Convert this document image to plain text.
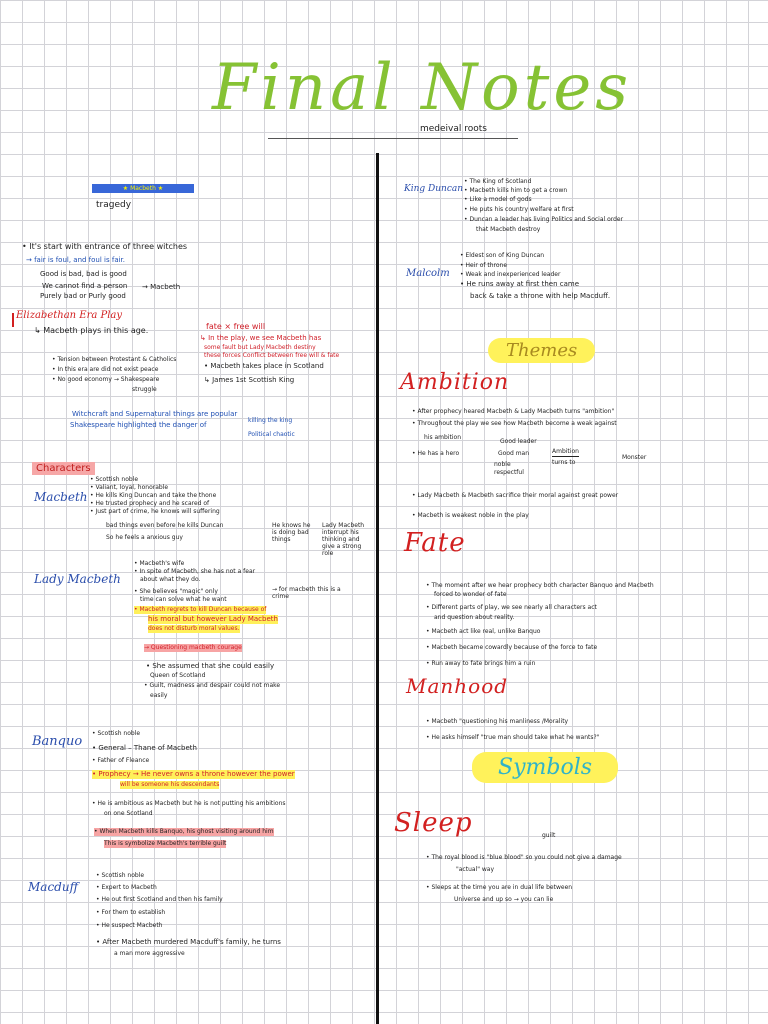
Final Notes
medeival roots
★ Macbeth ★
tragedy
• It's start with entrance of three witches
→ fair is foul, and foul is fair.
Good is bad, bad is good
We cannot find a person
Purely bad or Purly good
→ Macbeth
Elizabethan Era Play
↳ Macbeth plays in this age.	fate × free will
↳ In the play, we see Macbeth has
some fault but Lady Macbeth destiny
these forces Conflict between free will & fate
• Macbeth takes place in Scotland
↳ James 1st Scottish King
• Tension between Protestant & Catholics
• In this era are did not exist peace
• No good economy → Shakespeare
struggle
Witchcraft and Supernatural things are popular
Shakespeare highlighted the danger of
killing the king
Political chaotic
Characters
Macbeth
• Scottish noble
• Valiant, loyal, honorable
• He kills King Duncan and take the thone
• He trusted prophecy and he scared of
• Just part of crime, he knows will suffering
bad things even before he kills Duncan
So he feels a anxious guy
He knows he is doing bad things
Lady Macbeth interrupt his thinking and give a strong role
Lady Macbeth
• Macbeth's wife
• In spite of Macbeth, she has not a fear
about what they do.
• She believes "magic" only
time can solve what he want
→ for macbeth this is a crime
• Macbeth regrets to kill Duncan because of
his moral but however Lady Macbeth
does not disturb moral values.
→ Questioning macbeth courage
• She assumed that she could easily
Queen of Scotland
• Guilt, madness and despair could not make
easily
Banquo
• Scottish noble
• General – Thane of Macbeth
• Father of Fleance
• Prophecy → He never owns a throne however the power
will be someone his descendants
• He is ambitious as Macbeth but he is not putting his ambitions
on one Scotland
• When Macbeth kills Banquo, his ghost visiting around him
This is symbolize Macbeth's terrible guilt
Macduff
• Scottish noble
• Expert to Macbeth
• He out first Scotland and then his family
• For them to establish
• He suspect Macbeth
• After Macbeth murdered Macduff's family, he turns
a man more aggressive
King Duncan
• The King of Scotland
• Macbeth kills him to get a crown
• Like a model of gods
• He puts his country welfare at first
• Duncan a leader has living Politics and Social order
that Macbeth destroy
Malcolm
• Eldest son of King Duncan
• Heir of throne
• Weak and inexperienced leader
• He runs away at first then came
back & take a throne with help Macduff.
Themes
Ambition
• After prophecy heared Macbeth & Lady Macbeth turns "ambition"
• Throughout the play we see how Macbeth become a weak against
his ambition
• He has a hero
Good leader
Good man
noble
respectful
Ambition
turns to
Monster
• Lady Macbeth & Macbeth sacrifice their moral against great power
• Macbeth is weakest noble in the play
Fate
• The moment after we hear prophecy both character Banquo and Macbeth
forced to wonder of fate
• Different parts of play, we see nearly all characters act
and question about reality.
• Macbeth act like real, unlike Banquo
• Macbeth became cowardly because of the force to fate
• Run away to fate brings him a ruin
Manhood
• Macbeth "questioning his manliness /Morality
• He asks himself "true man should take what he wants?"
Symbols
Sleep	guilt
• The royal blood is "blue blood" so you could not give a damage
"actual" way
• Sleeps at the time you are in dual life between
Universe and up so → you can lie
